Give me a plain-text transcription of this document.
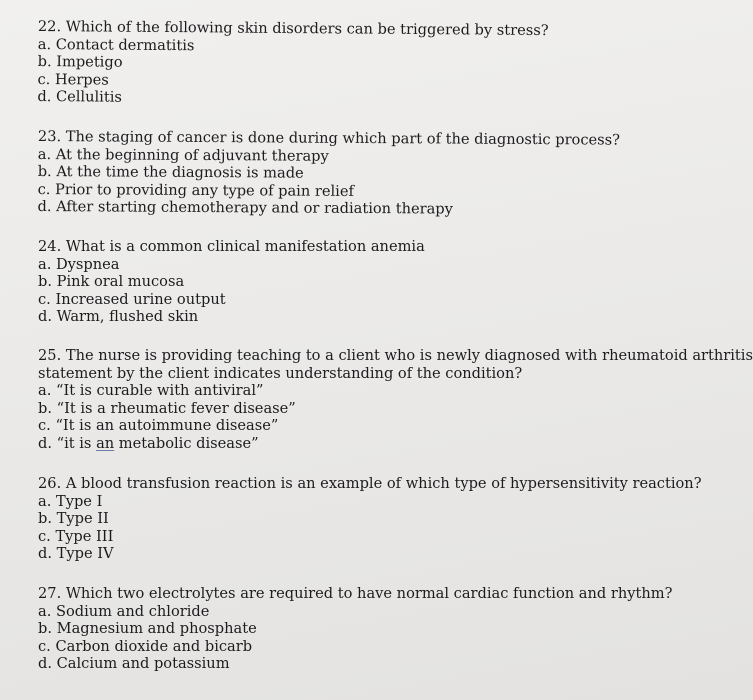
22. Which of the following skin disorders can be triggered by stress?
a. Contact dermatitis
b. Impetigo
c. Herpes
d. Cellulitis
23. The staging of cancer is done during which part of the diagnostic process?
a. At the beginning of adjuvant therapy
b. At the time the diagnosis is made
c. Prior to providing any type of pain relief
d. After starting chemotherapy and or radiation therapy
24. What is a common clinical manifestation anemia
a. Dyspnea
b. Pink oral mucosa
c. Increased urine output
d. Warm, flushed skin
25. The nurse is providing teaching to a client who is newly diagnosed with rheumatoid arthritis
statement by the client indicates understanding of the condition?
a. “It is curable with antiviral”
b. “It is a rheumatic fever disease”
c. “It is an autoimmune disease”
d. “it is an metabolic disease”
26. A blood transfusion reaction is an example of which type of hypersensitivity reaction?
a. Type I
b. Type II
c. Type III
d. Type IV
27. Which two electrolytes are required to have normal cardiac function and rhythm?
a. Sodium and chloride
b. Magnesium and phosphate
c. Carbon dioxide and bicarb
d. Calcium and potassium
